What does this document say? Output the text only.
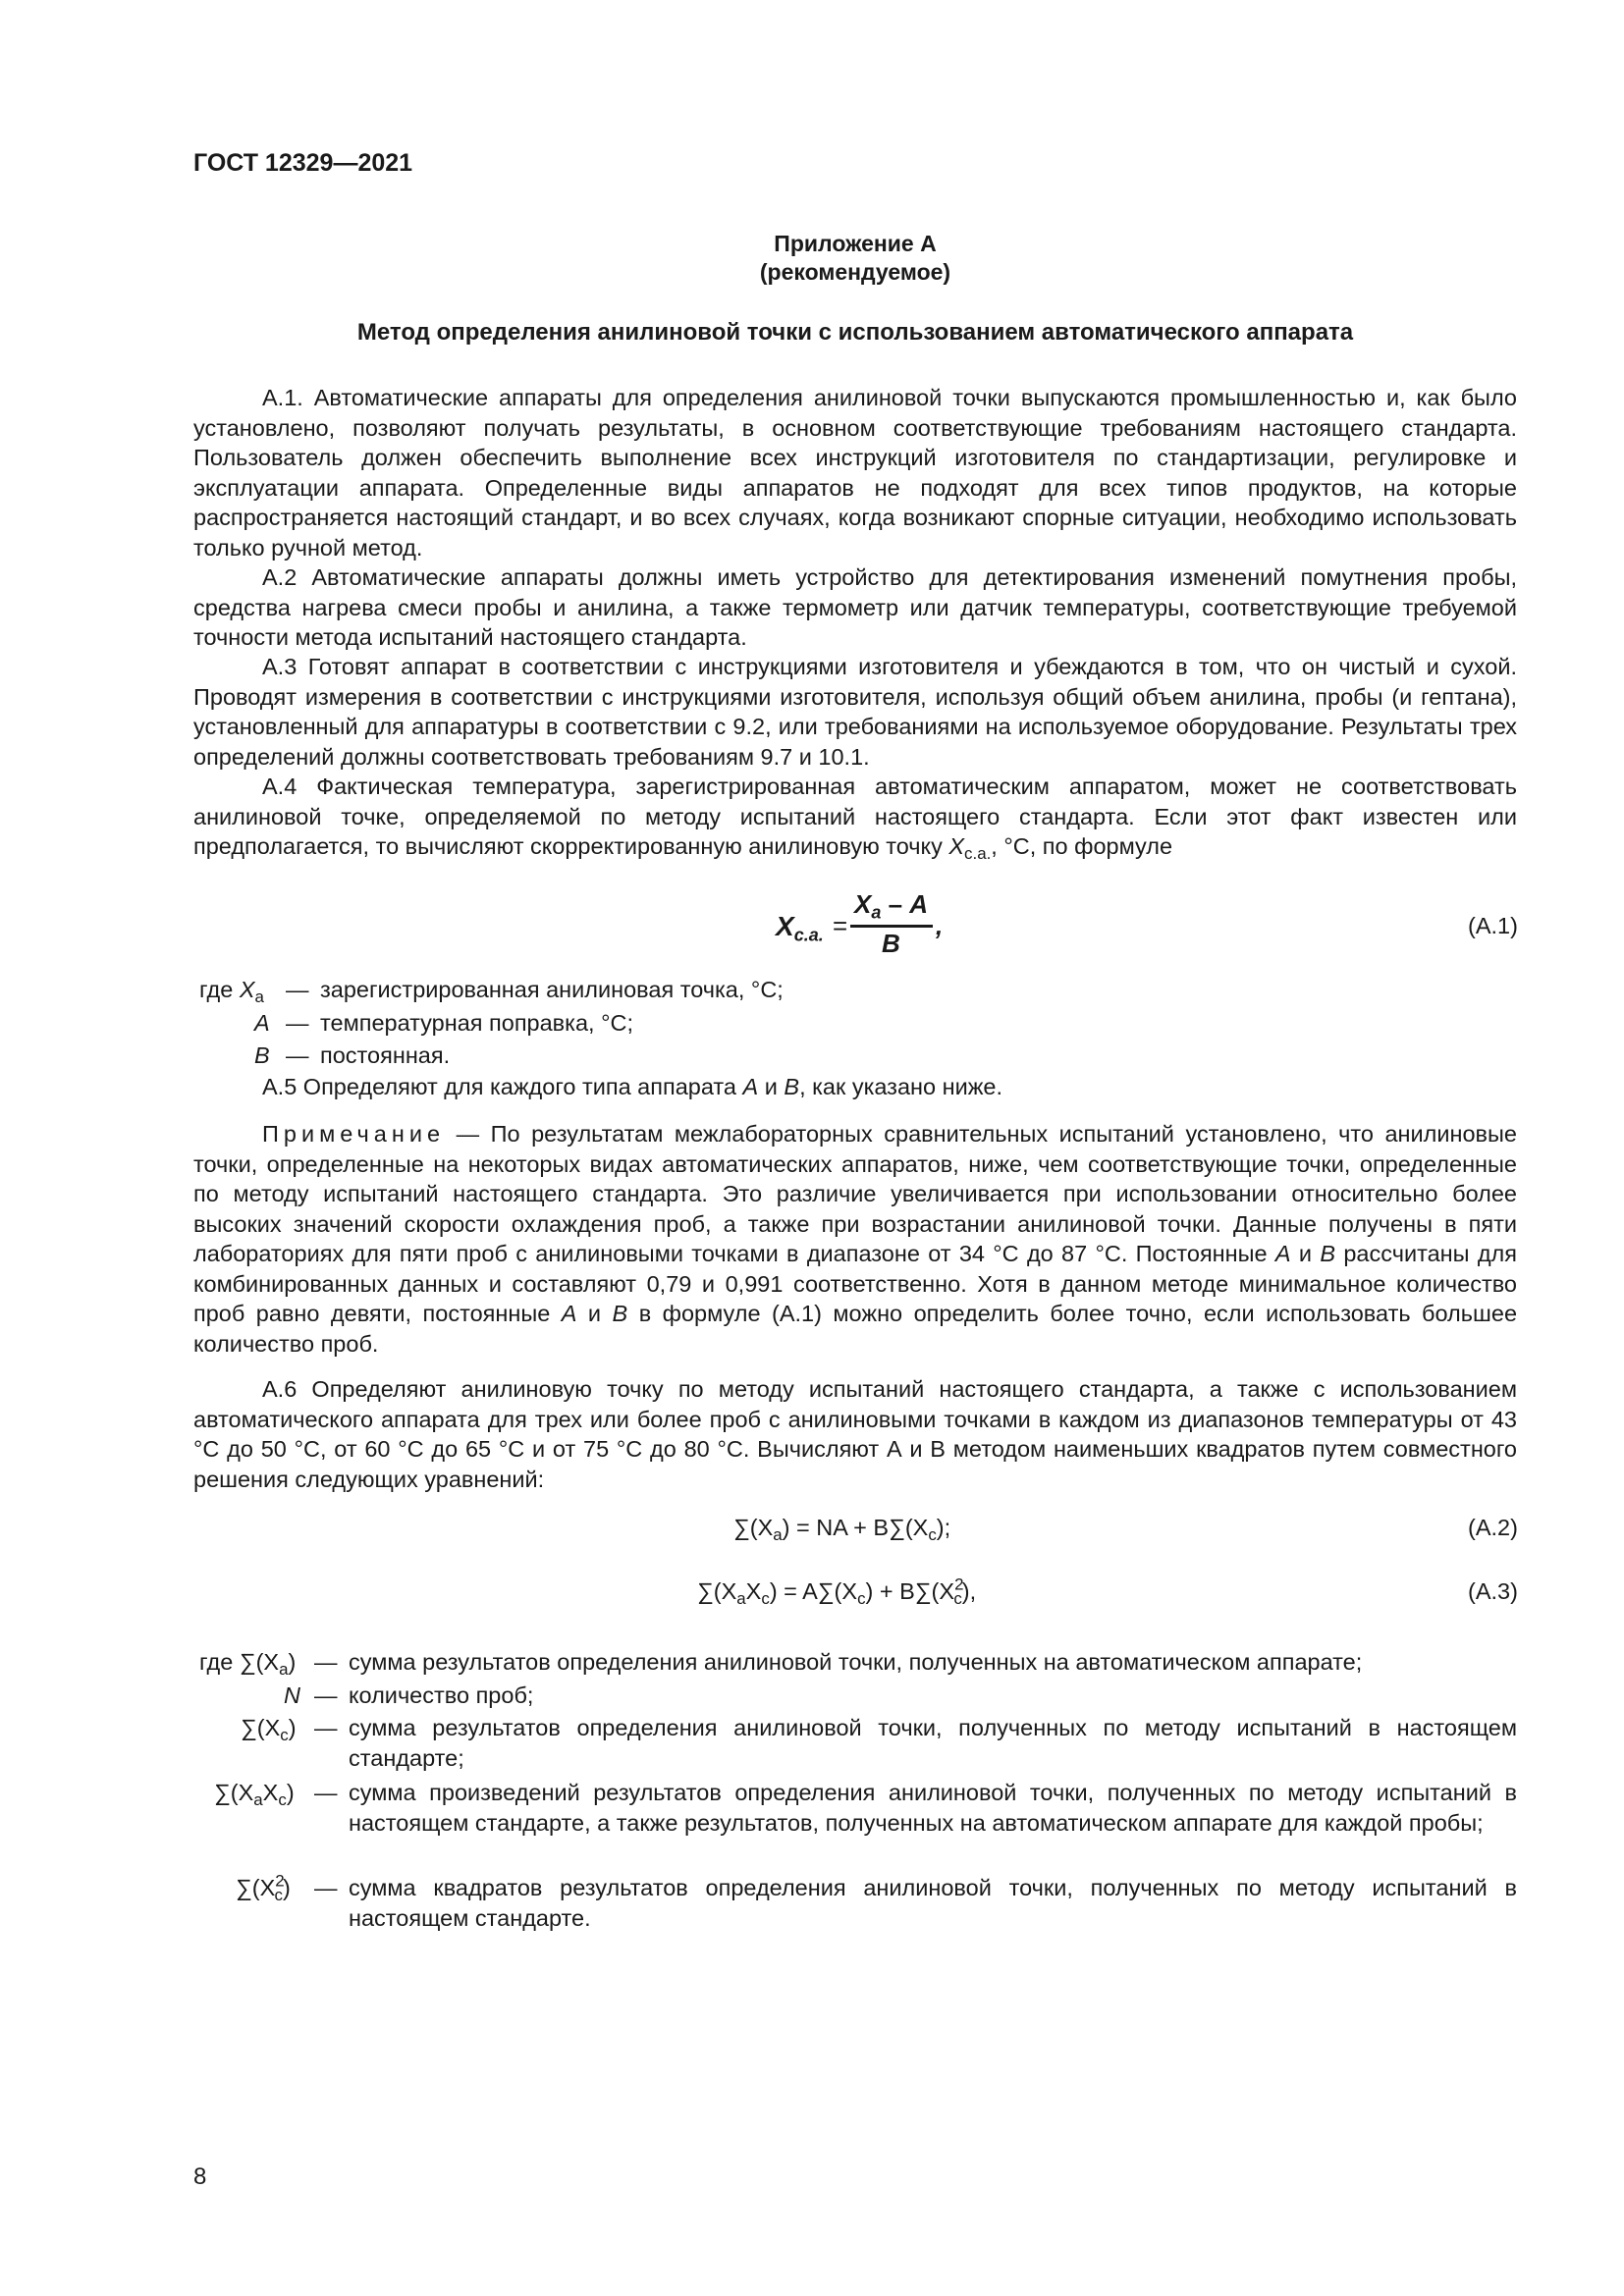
ГОСТ 12329—2021
Приложение А
(рекомендуемое)
Метод определения анилиновой точки с использованием автоматического аппарата

А.1. Автоматические аппараты для определения анилиновой точки выпускаются промышленностью и, как было установлено, позволяют получать результаты, в основном соответствующие требованиям настоящего стандарта. Пользователь должен обеспечить выполнение всех инструкций изготовителя по стандартизации, регулировке и эксплуатации аппарата. Определенные виды аппаратов не подходят для всех типов продуктов, на которые распространяется настоящий стандарт, и во всех случаях, когда возникают спорные ситуации, необходимо использовать только ручной метод.

А.2 Автоматические аппараты должны иметь устройство для детектирования изменений помутнения пробы, средства нагрева смеси пробы и анилина, а также термометр или датчик температуры, соответствующие требуемой точности метода испытаний настоящего стандарта.

А.3 Готовят аппарат в соответствии с инструкциями изготовителя и убеждаются в том, что он чистый и сухой. Проводят измерения в соответствии с инструкциями изготовителя, используя общий объем анилина, пробы (и гептана), установленный для аппаратуры в соответствии с 9.2, или требованиями на используемое оборудование. Результаты трех определений должны соответствовать требованиям 9.7 и 10.1.

А.4 Фактическая температура, зарегистрированная автоматическим аппаратом, может не соответствовать анилиновой точке, определяемой по методу испытаний настоящего стандарта. Если этот факт известен или предполагается, то вычисляют скорректированную анилиновую точку $X_{с.а.}$, °С, по формуле

$X_{с.а.}$ =
$X_а$ – A
B
,	(А.1)
где $X_a$ — зарегистрированная анилиновая точка, °С;
A — температурная поправка, °С;
B — постоянная.

А.5 Определяют для каждого типа аппарата А и В, как указано ниже.

Примечание — По результатам межлабораторных сравнительных испытаний установлено, что анилиновые точки, определенные на некоторых видах автоматических аппаратов, ниже, чем соответствующие точки, определенные по методу испытаний настоящего стандарта. Это различие увеличивается при использовании относительно более высоких значений скорости охлаждения проб, а также при возрастании анилиновой точки. Данные получены в пяти лабораториях для пяти проб с анилиновыми точками в диапазоне от 34 °С до 87 °С. Постоянные А и В рассчитаны для комбинированных данных и составляют 0,79 и 0,991 соответственно. Хотя в данном методе минимальное количество проб равно девяти, постоянные А и В в формуле (А.1) можно определить более точно, если использовать большее количество проб.

А.6 Определяют анилиновую точку по методу испытаний настоящего стандарта, а также с использованием автоматического аппарата для трех или более проб с анилиновыми точками в каждом из диапазонов температуры от 43 °С до 50 °С, от 60 °С до 65 °С и от 75 °С до 80 °С. Вычисляют А и В методом наименьших квадратов путем совместного решения следующих уравнений:

$\sum(X_a)$ = NA + $B\sum(X_c)$;	(А.2)
$\sum(X_aX_c) = A\sum(X_c) + B\sum(X^2_c)$,	(А.3)
где $\sum(X_a)$ — сумма результатов определения анилиновой точки, полученных на автоматическом аппарате;
N — количество проб;
$\sum(X_c)$ — сумма результатов определения анилиновой точки, полученных по методу испытаний в настоящем стандарте;
$\sum(X_aX_c)$ — сумма произведений результатов определения анилиновой точки, полученных по методу испытаний в настоящем стандарте, а также результатов, полученных на автоматическом аппарате для каждой пробы;
$\sum(X^2_c)$ — сумма квадратов результатов определения анилиновой точки, полученных по методу испытаний в настоящем стандарте.
8
